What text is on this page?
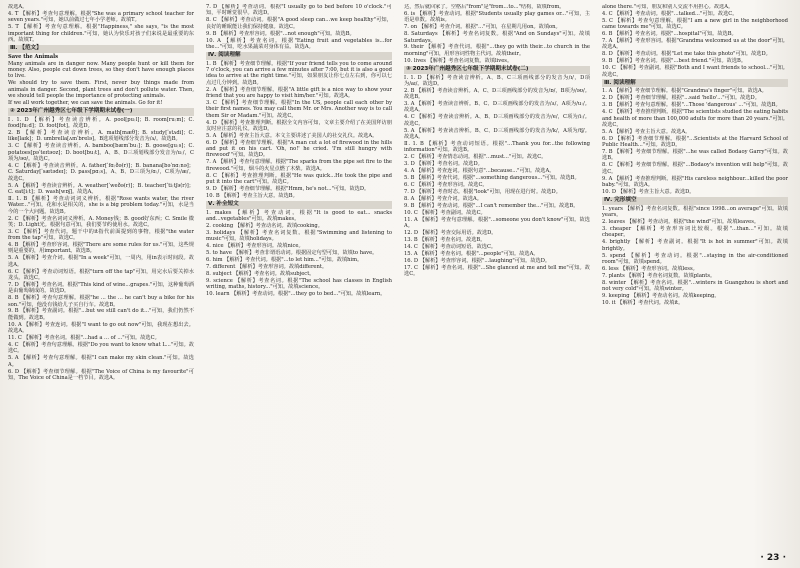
故选A。

4. T 【解析】考查句意理解。根据"She was a primary school teacher for seven years."可知，她以前做过七年小学老师。故填T。

5. T 【解析】考查句意理解。根据"Happiness," she says, "is the most important thing for children."可知，她认为快乐对孩子们来说是最重要的东西。故填T。

Ⅲ. 【范文】

Save the Animals

Many animals are in danger now. Many people hunt or kill them for money. Also, people cut down trees, so they don't have enough places to live.

We should try to save them. First, never buy things made from animals in danger. Second, plant trees and don't pollute water. Then, we should tell people the importance of protecting animals.

If we all work together, we can save the animals. Go for it!

② 2023年广州越秀区七年级下学期期末试卷(一)

Ⅰ. 1. D 【解析】考查读音辨析。A. pool[puːl]；B. room[ruːm]；C. food[fuːd]；D. foot[fʊt]。故选D。

2. B 【解析】考查读音辨析。A. math[mæθ]；B. study[ˈstʌdi]；C. like[laɪk]；D. umbrella[ʌmˈbrelə]。B选项划线部分发音为/ʌ/。故选B。

3. C 【解析】考查读音辨析。A. bamboo[bæmˈbuː]；B. goose[ɡuːs]；C. potatoes[pəˈteɪtəʊz]；D. boot[buːt]。A、B、D三项划线部分发音为/uː/，C项为/əʊ/。故选C。

4. C 【解析】考查读音辨析。A. father[ˈfɑːðə(r)]；B. banana[bəˈnɑːnə]；C. Saturday[ˈsætədeɪ]；D. pass[pɑːs]。A、B、D三项为/ɑː/，C项为/æ/。故选C。

5. A 【解析】考查读音辨析。A. weather[ˈweðə(r)]；B. teacher[ˈtiːtʃə(r)]；C. eat[iːt]；D. wash[wɒʃ]。故选A。

Ⅱ. 1. B 【解析】考查动词词义辨析。根据"Rose wants water, the river Water..."可知，花和水是相关的，she is a big problem today."可知，水是当今的一个大问题。故选B。

2. C 【解析】考查名词词义辨析。A. Money钱；B. good好东西；C. Smile 微笑；D. Light光。根据句意可知，我们要节约使用水。故选C。

3. C 【解析】考查代词。题干中的it指代前面提到的事物，根据"the water from the tap"可知。故选C。

4. B 【解析】考查形容词。根据"There are some rules for us."可知，这些规则是重要的，用important。故选B。

5. A 【解析】考查介词。根据"In a week"可知，一周内，用in表示时间段。故选A。

6. C 【解析】考查动词短语。根据"turn off the tap"可知，用完水后要关掉水龙头。故选C。

7. D 【解析】考查名词。根据"This kind of wine...grapes."可知，这种葡萄酒是由葡萄制成的。故选D。

8. B 【解析】考查句意理解。根据"he ... the ... he can't buy a bike for his son."可知，他没有钱给儿子买自行车。故选B。

9. B 【解析】考查副词。根据"...but we still can't do it..."可知，我们仍然不能做到。故选B。

10. A 【解析】考查连词。根据"I want to go out now"可知，我现在想出去。故选A。

11. C 【解析】考查名词。根据"...had a ... of ..."可知。故选C。

4. C 【解析】考查句意理解。根据"Do you want to know what L..."可知。故选C。

5. A 【解析】考查句意理解。根据"I can make my skin clean."可知。故选A。

6. D 【解析】考查细节理解。根据"The Voice of China is my favourite"可知，The Voice of China是一档节目。故选A。

7. D 【解析】考查动词。根据"I usually go to bed before 10 o'clock."可知，平时睡觉很早。故选D。

8. C 【解析】考查动词。根据"A good sleep can...we keep healthy"可知，良好的睡眠能让我们保持健康。故选C。

9. B 【解析】考查形容词。根据"...not enough"可知。故选B。

10. A 【解析】考查名词。根据"Eating fruit and vegetables is...for the..."可知，吃水果蔬菜对身体有益。故选A。

Ⅳ. 阅读理解

1. B 【解析】考查细节理解。根据"If your friend tells you to come around 7 o'clock, you can arrive a few minutes after 7:00, but it is also a good idea to arrive at the right time."可知，如果朋友让你七点左右到，你可以七点过几分钟到。故选B。

2. A 【解析】考查细节理解。根据"A little gift is a nice way to show your friend that you are happy to visit him/her."可知。故选A。

3. C 【解析】考查细节理解。根据"In the US, people call each other by their first names. You may call them Mr. or Mrs. Another way is to call them Sir or Madam."可知。故选C。

4. D 【解析】考查推理判断。根据全文内容可知，文章主要介绍了在美国拜访朋友时应注意的礼仪。故选D。

5. A 【解析】考查主旨大意。本文主要讲述了美国人的社交礼仪。故选A。

6. D 【解析】考查细节理解。根据"A man cut a lot of firewood in the hills and put it on his cart. 'Oh, no!' he cried. 'I'm still hungry with firewood'"可知。故选D。

7. A 【解析】考查句意理解。根据"The sparks from the pipe set fire to the firewood."可知，烟斗的火星点燃了木柴。故选A。

8. C 【解析】考查推理判断。根据"He was quick...He took the pipe and put it into the cart"可知。故选C。

9. D 【解析】考查细节理解。根据"Hmm, he's not..."可知。故选D。

10. B 【解析】考查主旨大意。故选B。

Ⅴ. 补全短文

1. makes 【解析】考查动词。根据"It is good to eat... snacks and...vegetables"可知。故填makes。

2. cooking 【解析】考查动名词。故填cooking。

3. holidays 【解析】考查名词复数。根据"Swimming and listening to music"可知。故填holidays。

4. nice 【解析】考查形容词。故填nice。

5. to have 【解析】考查非谓语动词。根据固定句型可知，故填to have。

6. him 【解析】考查代词。根据"...to let him..."可知。故填him。

7. different 【解析】考查形容词。故填different。

8. subject 【解析】考查名词。故填subject。

9. science 【解析】考查名词。根据"The school has classes in English writing, maths, history..."可知。故填science。

10. learn 【解析】考查动词。根据"...they go to bed..."可知。故填learn。

达，然后就回家了。空格后"from"是"from...to..."结构，故填from。

6. is 【解析】考查动词。根据"Students usually play games or..."可知，主语是单数。故填is。

7. on 【解析】考查介词。根据"..."可知，在星期几用on。故填on。

8. Saturdays 【解析】考查名词复数。根据"And on Sundays"可知。故填Saturdays。

9. their 【解析】考查代词。根据"...they go with their...to church in the morning"可知，用形容词性物主代词。故填their。

10. lives 【解析】考查名词复数。故填lives。

③ 2023年广州越秀区七年级下学期期末试卷(二)

Ⅰ. 1. D 【解析】考查读音辨析。A、B、C三项画线部分的发音为/ɪ/，D项为/aɪ/。故选D。

2. B 【解析】考查读音辨析。A、C、D三项画线部分的发音为/ɒ/，B项为/əʊ/。故选B。

3. A 【解析】考查读音辨析。B、C、D三项画线部分的发音为/ʌ/，A项为/uː/。故选A。

4. C 【解析】考查读音辨析。A、B、D三项画线部分的发音为/e/，C项为/iː/。故选C。

5. A 【解析】考查读音辨析。B、C、D三项画线部分的发音为/k/，A项为/tʃ/。故选A。

Ⅱ. 1. B 【解析】考查动词短语。根据"...Thank you for...the following information"可知。故选B。

2. C 【解析】考查情态动词。根据"...must..."可知。故选C。

3. D 【解析】考查名词。故选D。

4. A 【解析】考查连词。根据句意"...because..."可知。故选A。

5. B 【解析】考查代词。根据"...something dangerous..."可知。故选B。

6. C 【解析】考查形容词。故选C。

7. D 【解析】考查时态。根据"look"可知，用现在进行时。故选D。

8. A 【解析】考查介词。故选A。

9. B 【解析】考查动词。根据"...I can't remember the..."可知。故选B。

10. C 【解析】考查副词。故选C。

11. A 【解析】考查句意理解。根据"...someone you don't know"可知。故选A。

12. D 【解析】考查交际用语。故选D。

13. B 【解析】考查名词。故选B。

14. C 【解析】考查动词短语。故选C。

15. A 【解析】考查名词。根据"...people"可知。故选A。

16. D 【解析】考查形容词。根据"...laughing"可知。故选D。

17. C 【解析】考查名词。根据"...She glanced at me and tell me"可知。故选C。

alone there."可知，朋友和别人交流不用担心。故选A。

4. C 【解析】考查动词。根据"...talked..."可知。故选C。

5. C 【解析】考查句意理解。根据"I am a new girl in the neighborhood came towards me"可知。故选C。

6. B 【解析】考查名词。根据"...hospital"可知。故选B。

7. A 【解析】考查形容词。根据"Grandma welcomed us at the door"可知。故选A。

8. D 【解析】考查动词。根据"Let me take this photo"可知。故选D。

9. B 【解析】考查名词。根据"...best friend."可知。故选B。

10. C 【解析】考查副词。根据"Both and I want friends to school..."可知。故选C。

Ⅲ. 阅读理解

1. A 【解析】考查细节理解。根据"Grandma's finger"可知。故选A。

2. D 【解析】考查细节理解。根据"...said 'hello'..."可知。故选D。

3. B 【解析】考查句意理解。根据"...Those 'dangerous' ..."可知。故选B。

4. C 【解析】考查推理判断。根据"The scientists studied the eating habits and health of more than 100,000 adults for more than 20 years."可知。故选C。

5. A 【解析】考查主旨大意。故选A。

6. D 【解析】考查细节理解。根据"...Scientists at the Harvard School of Public Health..."可知。故选D。

7. B 【解析】考查细节理解。根据"...he was called Bodaoy Garry"可知。故选B。

8. C 【解析】考查细节理解。根据"...Bodaoy's invention will help"可知。故选C。

9. A 【解析】考查推理判断。根据"His careless neighbour...killed the poor baby."可知。故选A。

10. D 【解析】考查主旨大意。故选D。

Ⅳ. 完形填空

1. years 【解析】考查名词复数。根据"since 1998...on average"可知。故填years。

2. leaves 【解析】考查动词。根据"the wind"可知。故填leaves。

3. cheaper 【解析】考查形容词比较级。根据"...than..."可知。故填cheaper。

4. brightly 【解析】考查副词。根据"It is hot in summer"可知。故填brightly。

5. spend 【解析】考查动词。根据"...staying in the air-conditioned room"可知。故填spend。

6. less 【解析】考查形容词。故填less。

7. plants 【解析】考查名词复数。故填plants。

8. winter 【解析】考查名词。根据"...winters in Guangzhou is short and not very cold"可知。故填winter。

9. keeping 【解析】考查动名词。故填keeping。

10. it 【解析】考查代词。故填it。

· 23 ·
